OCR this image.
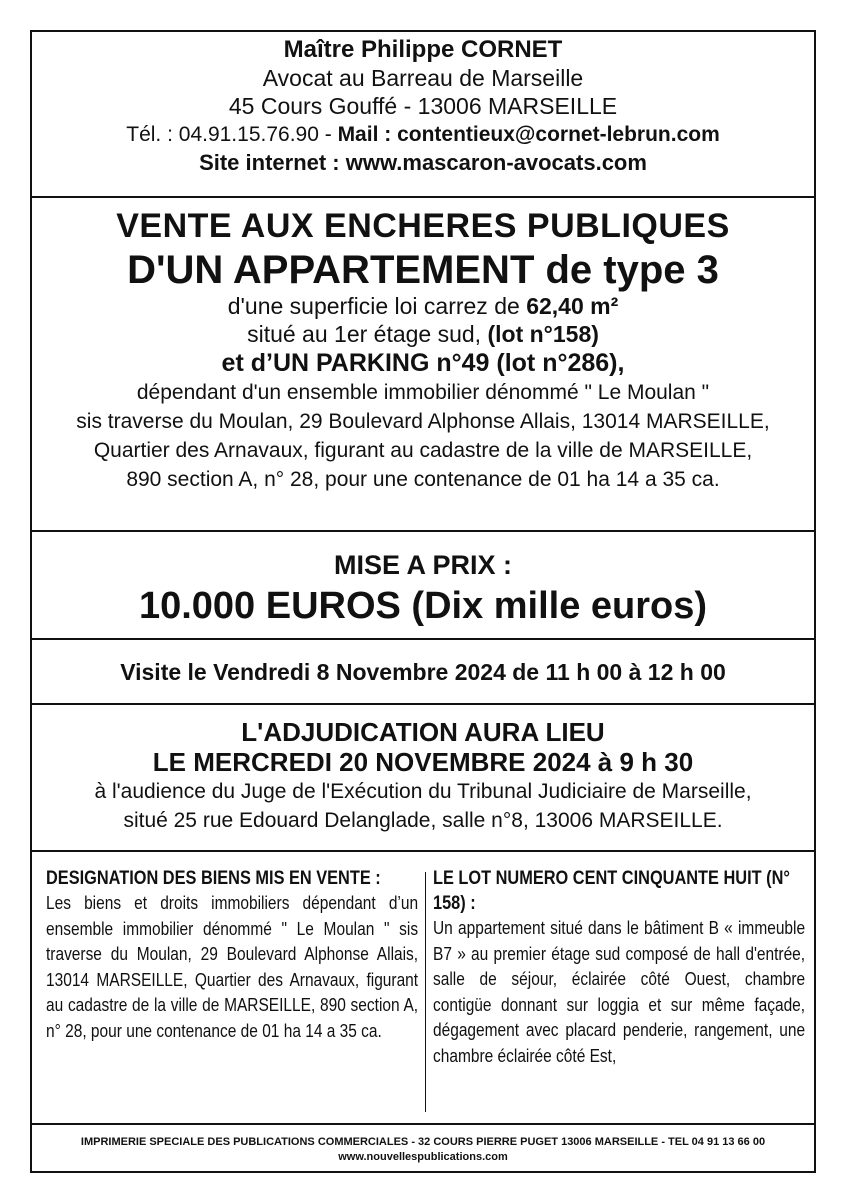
Maître Philippe CORNET
Avocat au Barreau de Marseille
45 Cours Gouffé - 13006 MARSEILLE
Tél. : 04.91.15.76.90 - Mail : contentieux@cornet-lebrun.com
Site internet : www.mascaron-avocats.com
VENTE AUX ENCHERES PUBLIQUES
D'UN APPARTEMENT de type 3
d'une superficie loi carrez de 62,40 m²
situé au 1er étage sud, (lot n°158)
et d’UN PARKING n°49 (lot n°286),
dépendant d'un ensemble immobilier dénommé " Le Moulan "
sis traverse du Moulan, 29 Boulevard Alphonse Allais, 13014 MARSEILLE,
Quartier des Arnavaux, figurant au cadastre de la ville de MARSEILLE,
890 section A, n° 28, pour une contenance de 01 ha 14 a 35 ca.
MISE A PRIX :
10.000 EUROS (Dix mille euros)
Visite le Vendredi 8 Novembre 2024 de 11 h 00 à 12 h 00
L'ADJUDICATION AURA LIEU
LE MERCREDI 20 NOVEMBRE 2024 à 9 h 30
à l'audience du Juge de l'Exécution du Tribunal Judiciaire de Marseille,
situé 25 rue Edouard Delanglade, salle n°8, 13006 MARSEILLE.
DESIGNATION DES BIENS MIS EN VENTE :
Les biens et droits immobiliers dépendant d’un ensemble immobilier dénommé " Le Moulan " sis traverse du Moulan, 29 Boulevard Alphonse Allais, 13014 MARSEILLE, Quartier des Arnavaux, figurant au cadastre de la ville de MARSEILLE, 890 section A, n° 28, pour une contenance de 01 ha 14 a 35 ca.
LE LOT NUMERO CENT CINQUANTE HUIT (N° 158) :
Un appartement situé dans le bâtiment B « immeuble B7 » au premier étage sud composé de hall d'entrée, salle de séjour, éclairée côté Ouest, chambre contigüe donnant sur loggia et sur même façade, dégagement avec placard penderie, rangement, une chambre éclairée côté Est,
IMPRIMERIE SPECIALE DES PUBLICATIONS COMMERCIALES - 32 COURS PIERRE PUGET 13006 MARSEILLE - TEL 04 91 13 66 00
www.nouvellespublications.com
